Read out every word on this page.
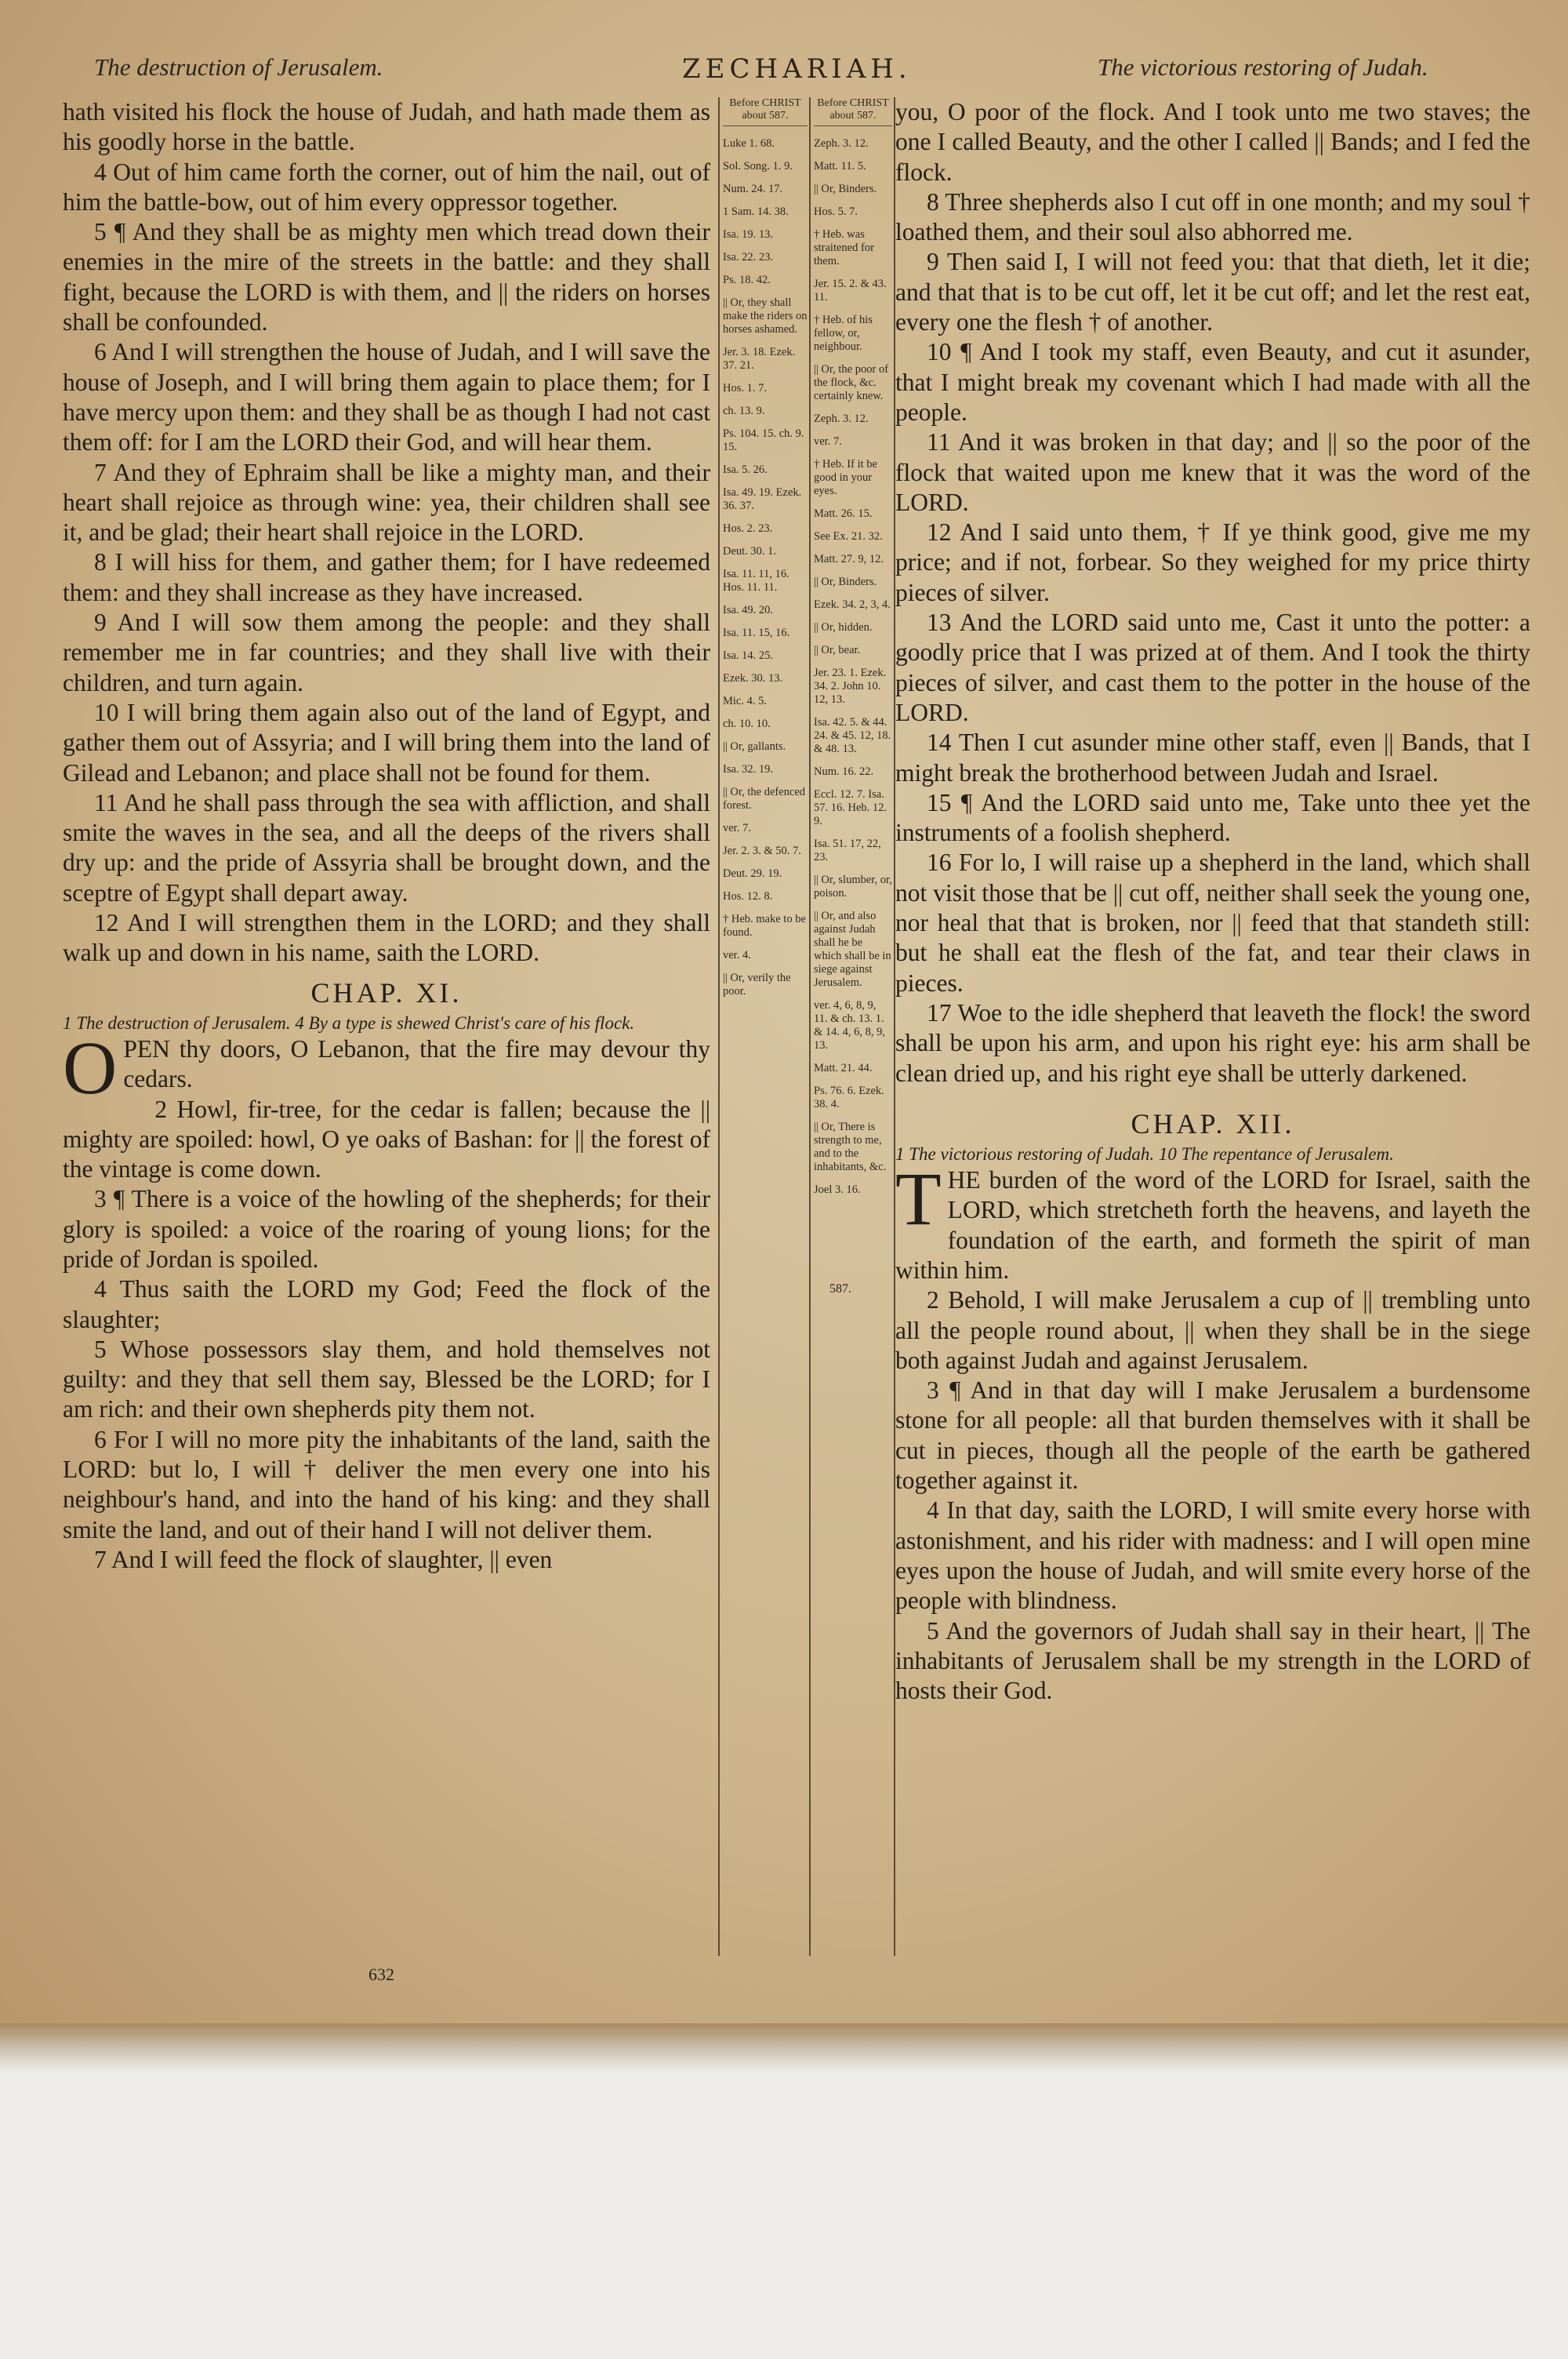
The destruction of Jerusalem.	ZECHARIAH.	The victorious restoring of Judah.

hath visited his flock the house of Judah, and hath made them as his goodly horse in the battle.

4 Out of him came forth the corner, out of him the nail, out of him the battle-bow, out of him every oppressor together.

5 ¶ And they shall be as mighty men which tread down their enemies in the mire of the streets in the battle: and they shall fight, because the LORD is with them, and || the riders on horses shall be confounded.

6 And I will strengthen the house of Judah, and I will save the house of Joseph, and I will bring them again to place them; for I have mercy upon them: and they shall be as though I had not cast them off: for I am the LORD their God, and will hear them.

7 And they of Ephraim shall be like a mighty man, and their heart shall rejoice as through wine: yea, their children shall see it, and be glad; their heart shall rejoice in the LORD.

8 I will hiss for them, and gather them; for I have redeemed them: and they shall increase as they have increased.

9 And I will sow them among the people: and they shall remember me in far countries; and they shall live with their children, and turn again.

10 I will bring them again also out of the land of Egypt, and gather them out of Assyria; and I will bring them into the land of Gilead and Lebanon; and place shall not be found for them.

11 And he shall pass through the sea with affliction, and shall smite the waves in the sea, and all the deeps of the rivers shall dry up: and the pride of Assyria shall be brought down, and the sceptre of Egypt shall depart away.

12 And I will strengthen them in the LORD; and they shall walk up and down in his name, saith the LORD.

CHAP. XI.

1 The destruction of Jerusalem. 4 By a type is shewed Christ's care of his flock.

O PEN thy doors, O Lebanon, that the fire may devour thy cedars.

2 Howl, fir-tree, for the cedar is fallen; because the || mighty are spoiled: howl, O ye oaks of Bashan: for || the forest of the vintage is come down.

3 ¶ There is a voice of the howling of the shepherds; for their glory is spoiled: a voice of the roaring of young lions; for the pride of Jordan is spoiled.

4 Thus saith the LORD my God; Feed the flock of the slaughter;

5 Whose possessors slay them, and hold themselves not guilty: and they that sell them say, Blessed be the LORD; for I am rich: and their own shepherds pity them not.

6 For I will no more pity the inhabitants of the land, saith the LORD: but lo, I will † deliver the men every one into his neighbour's hand, and into the hand of his king: and they shall smite the land, and out of their hand I will not deliver them.

7 And I will feed the flock of slaughter, || even

Before CHRIST about 587.
Luke 1. 68.
Sol. Song. 1. 9.
Num. 24. 17.
1 Sam. 14. 38.
Isa. 19. 13.
Isa. 22. 23.
Ps. 18. 42.
|| Or, they shall make the riders on horses ashamed.
Jer. 3. 18. Ezek. 37. 21.
Hos. 1. 7.
ch. 13. 9.
Ps. 104. 15. ch. 9. 15.
Isa. 5. 26.
Isa. 49. 19. Ezek. 36. 37.
Hos. 2. 23.
Deut. 30. 1.
Isa. 11. 11, 16. Hos. 11. 11.
Isa. 49. 20.
Isa. 11. 15, 16.
Isa. 14. 25.
Ezek. 30. 13.
Mic. 4. 5.
ch. 10. 10.
|| Or, gallants.
Isa. 32. 19.
|| Or, the defenced forest.
ver. 7.
Jer. 2. 3. & 50. 7.
Deut. 29. 19.
Hos. 12. 8.
† Heb. make to be found.
ver. 4.
|| Or, verily the poor.
Before CHRIST about 587.
Zeph. 3. 12.
Matt. 11. 5.
|| Or, Binders.
Hos. 5. 7.
† Heb. was straitened for them.
Jer. 15. 2. & 43. 11.
† Heb. of his fellow, or, neighbour.
|| Or, the poor of the flock, &c. certainly knew.
Zeph. 3. 12.
ver. 7.
† Heb. If it be good in your eyes.
Matt. 26. 15.
See Ex. 21. 32.
Matt. 27. 9, 12.
|| Or, Binders.
Ezek. 34. 2, 3, 4.
|| Or, hidden.
|| Or, bear.
Jer. 23. 1. Ezek. 34. 2. John 10. 12, 13.
Isa. 42. 5. & 44. 24. & 45. 12, 18. & 48. 13.
Num. 16. 22.
Eccl. 12. 7. Isa. 57. 16. Heb. 12. 9.
Isa. 51. 17, 22, 23.
|| Or, slumber, or, poison.
|| Or, and also against Judah shall he be which shall be in siege against Jerusalem.
ver. 4, 6, 8, 9, 11. & ch. 13. 1. & 14. 4, 6, 8, 9, 13.
Matt. 21. 44.
Ps. 76. 6. Ezek. 38. 4.
|| Or, There is strength to me, and to the inhabitants, &c.
Joel 3. 16.
587.

you, O poor of the flock. And I took unto me two staves; the one I called Beauty, and the other I called || Bands; and I fed the flock.

8 Three shepherds also I cut off in one month; and my soul † loathed them, and their soul also abhorred me.

9 Then said I, I will not feed you: that that dieth, let it die; and that that is to be cut off, let it be cut off; and let the rest eat, every one the flesh † of another.

10 ¶ And I took my staff, even Beauty, and cut it asunder, that I might break my covenant which I had made with all the people.

11 And it was broken in that day; and || so the poor of the flock that waited upon me knew that it was the word of the LORD.

12 And I said unto them, † If ye think good, give me my price; and if not, forbear. So they weighed for my price thirty pieces of silver.

13 And the LORD said unto me, Cast it unto the potter: a goodly price that I was prized at of them. And I took the thirty pieces of silver, and cast them to the potter in the house of the LORD.

14 Then I cut asunder mine other staff, even || Bands, that I might break the brotherhood between Judah and Israel.

15 ¶ And the LORD said unto me, Take unto thee yet the instruments of a foolish shepherd.

16 For lo, I will raise up a shepherd in the land, which shall not visit those that be || cut off, neither shall seek the young one, nor heal that that is broken, nor || feed that that standeth still: but he shall eat the flesh of the fat, and tear their claws in pieces.

17 Woe to the idle shepherd that leaveth the flock! the sword shall be upon his arm, and upon his right eye: his arm shall be clean dried up, and his right eye shall be utterly darkened.

CHAP. XII.

1 The victorious restoring of Judah. 10 The repentance of Jerusalem.

T HE burden of the word of the LORD for Israel, saith the LORD, which stretcheth forth the heavens, and layeth the foundation of the earth, and formeth the spirit of man within him.

2 Behold, I will make Jerusalem a cup of || trembling unto all the people round about, || when they shall be in the siege both against Judah and against Jerusalem.

3 ¶ And in that day will I make Jerusalem a burdensome stone for all people: all that burden themselves with it shall be cut in pieces, though all the people of the earth be gathered together against it.

4 In that day, saith the LORD, I will smite every horse with astonishment, and his rider with madness: and I will open mine eyes upon the house of Judah, and will smite every horse of the people with blindness.

5 And the governors of Judah shall say in their heart, || The inhabitants of Jerusalem shall be my strength in the LORD of hosts their God.

632
